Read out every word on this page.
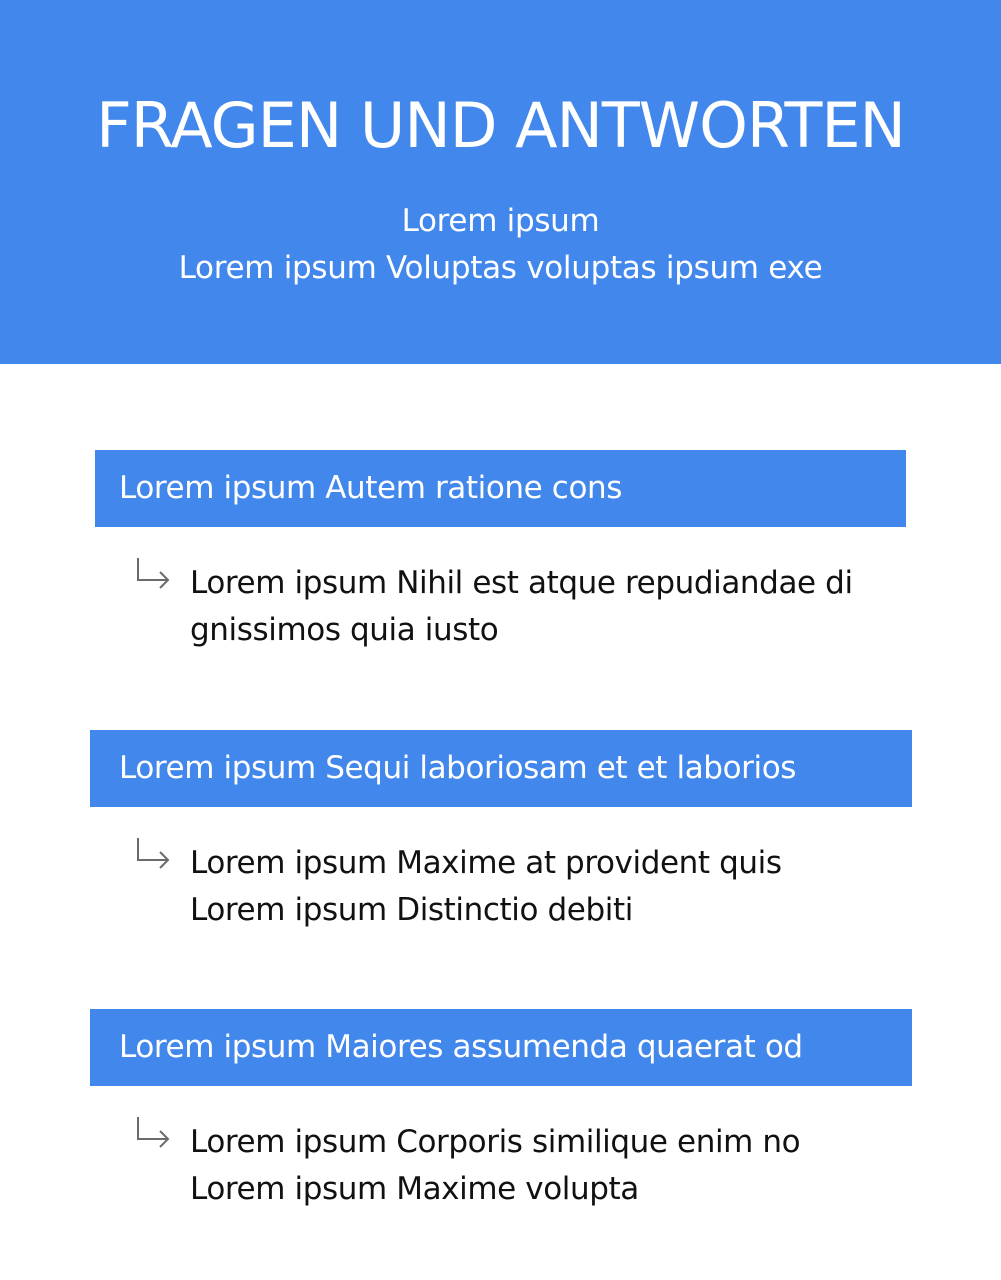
FRAGEN UND ANTWORTEN
Lorem ipsum
Lorem ipsum Voluptas voluptas ipsum exe
Lorem ipsum Autem ratione cons
Lorem ipsum Nihil est atque repudiandae di
gnissimos quia iusto
Lorem ipsum Sequi laboriosam et et laborios
Lorem ipsum Maxime at provident quis
Lorem ipsum Distinctio debiti
Lorem ipsum Maiores assumenda quaerat od
Lorem ipsum Corporis similique enim no
Lorem ipsum Maxime volupta
